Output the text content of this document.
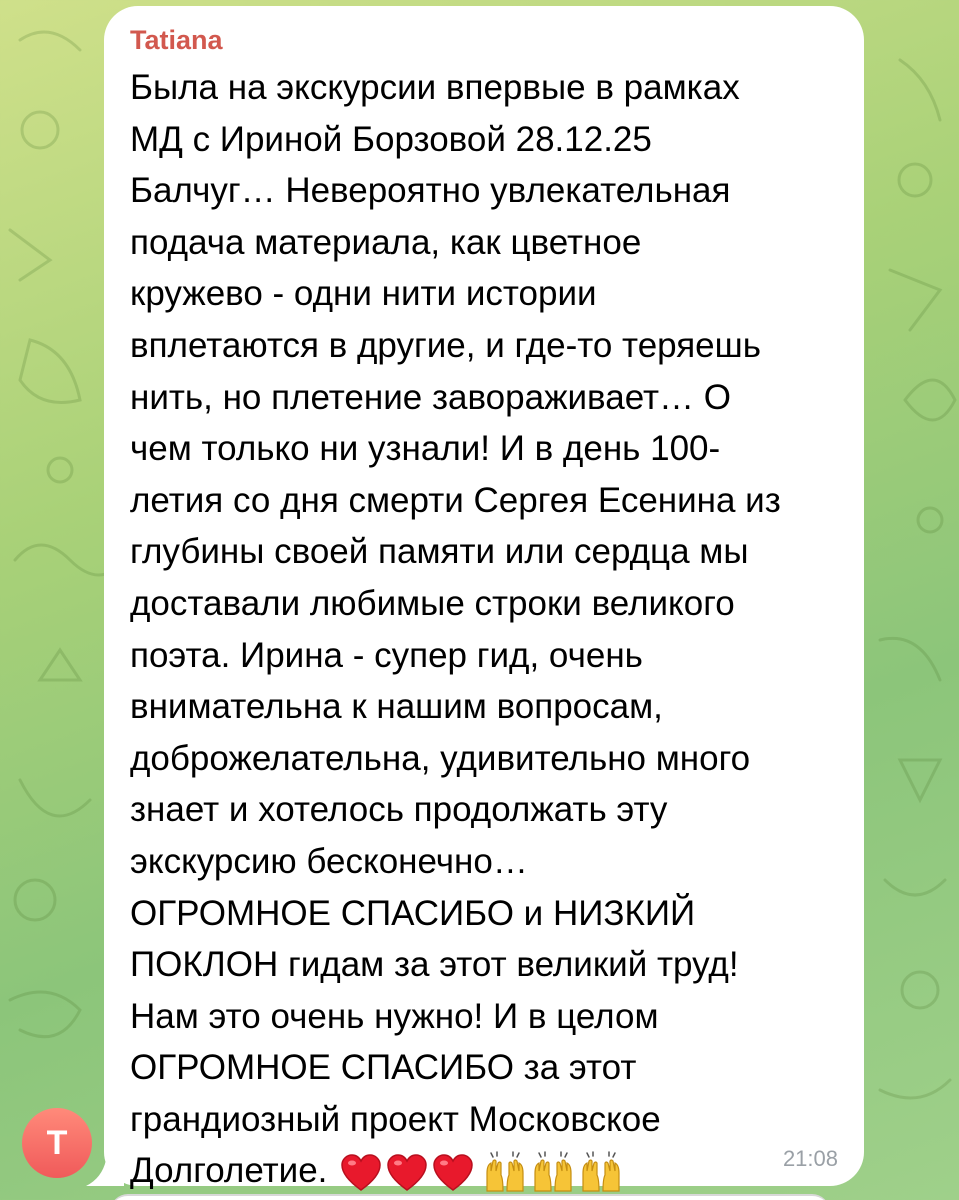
Tatiana
Была на экскурсии впервые в рамках
МД с Ириной Борзовой 28.12.25
Балчуг… Невероятно увлекательная
подача материала, как цветное
кружево - одни нити истории
вплетаются в другие, и где-то теряешь
нить, но плетение завораживает… О
чем только ни узнали! И в день 100-
летия со дня смерти Сергея Есенина из
глубины своей памяти или сердца мы
доставали любимые строки великого
поэта. Ирина - супер гид, очень
внимательна к нашим вопросам,
доброжелательна, удивительно много
знает и хотелось продолжать эту
экскурсию бесконечно…
ОГРОМНОЕ СПАСИБО и НИЗКИЙ
ПОКЛОН гидам за этот великий труд!
Нам это очень нужно! И в целом
ОГРОМНОЕ СПАСИБО за этот
грандиозный проект Московское
Долголетие.	21:08
T
